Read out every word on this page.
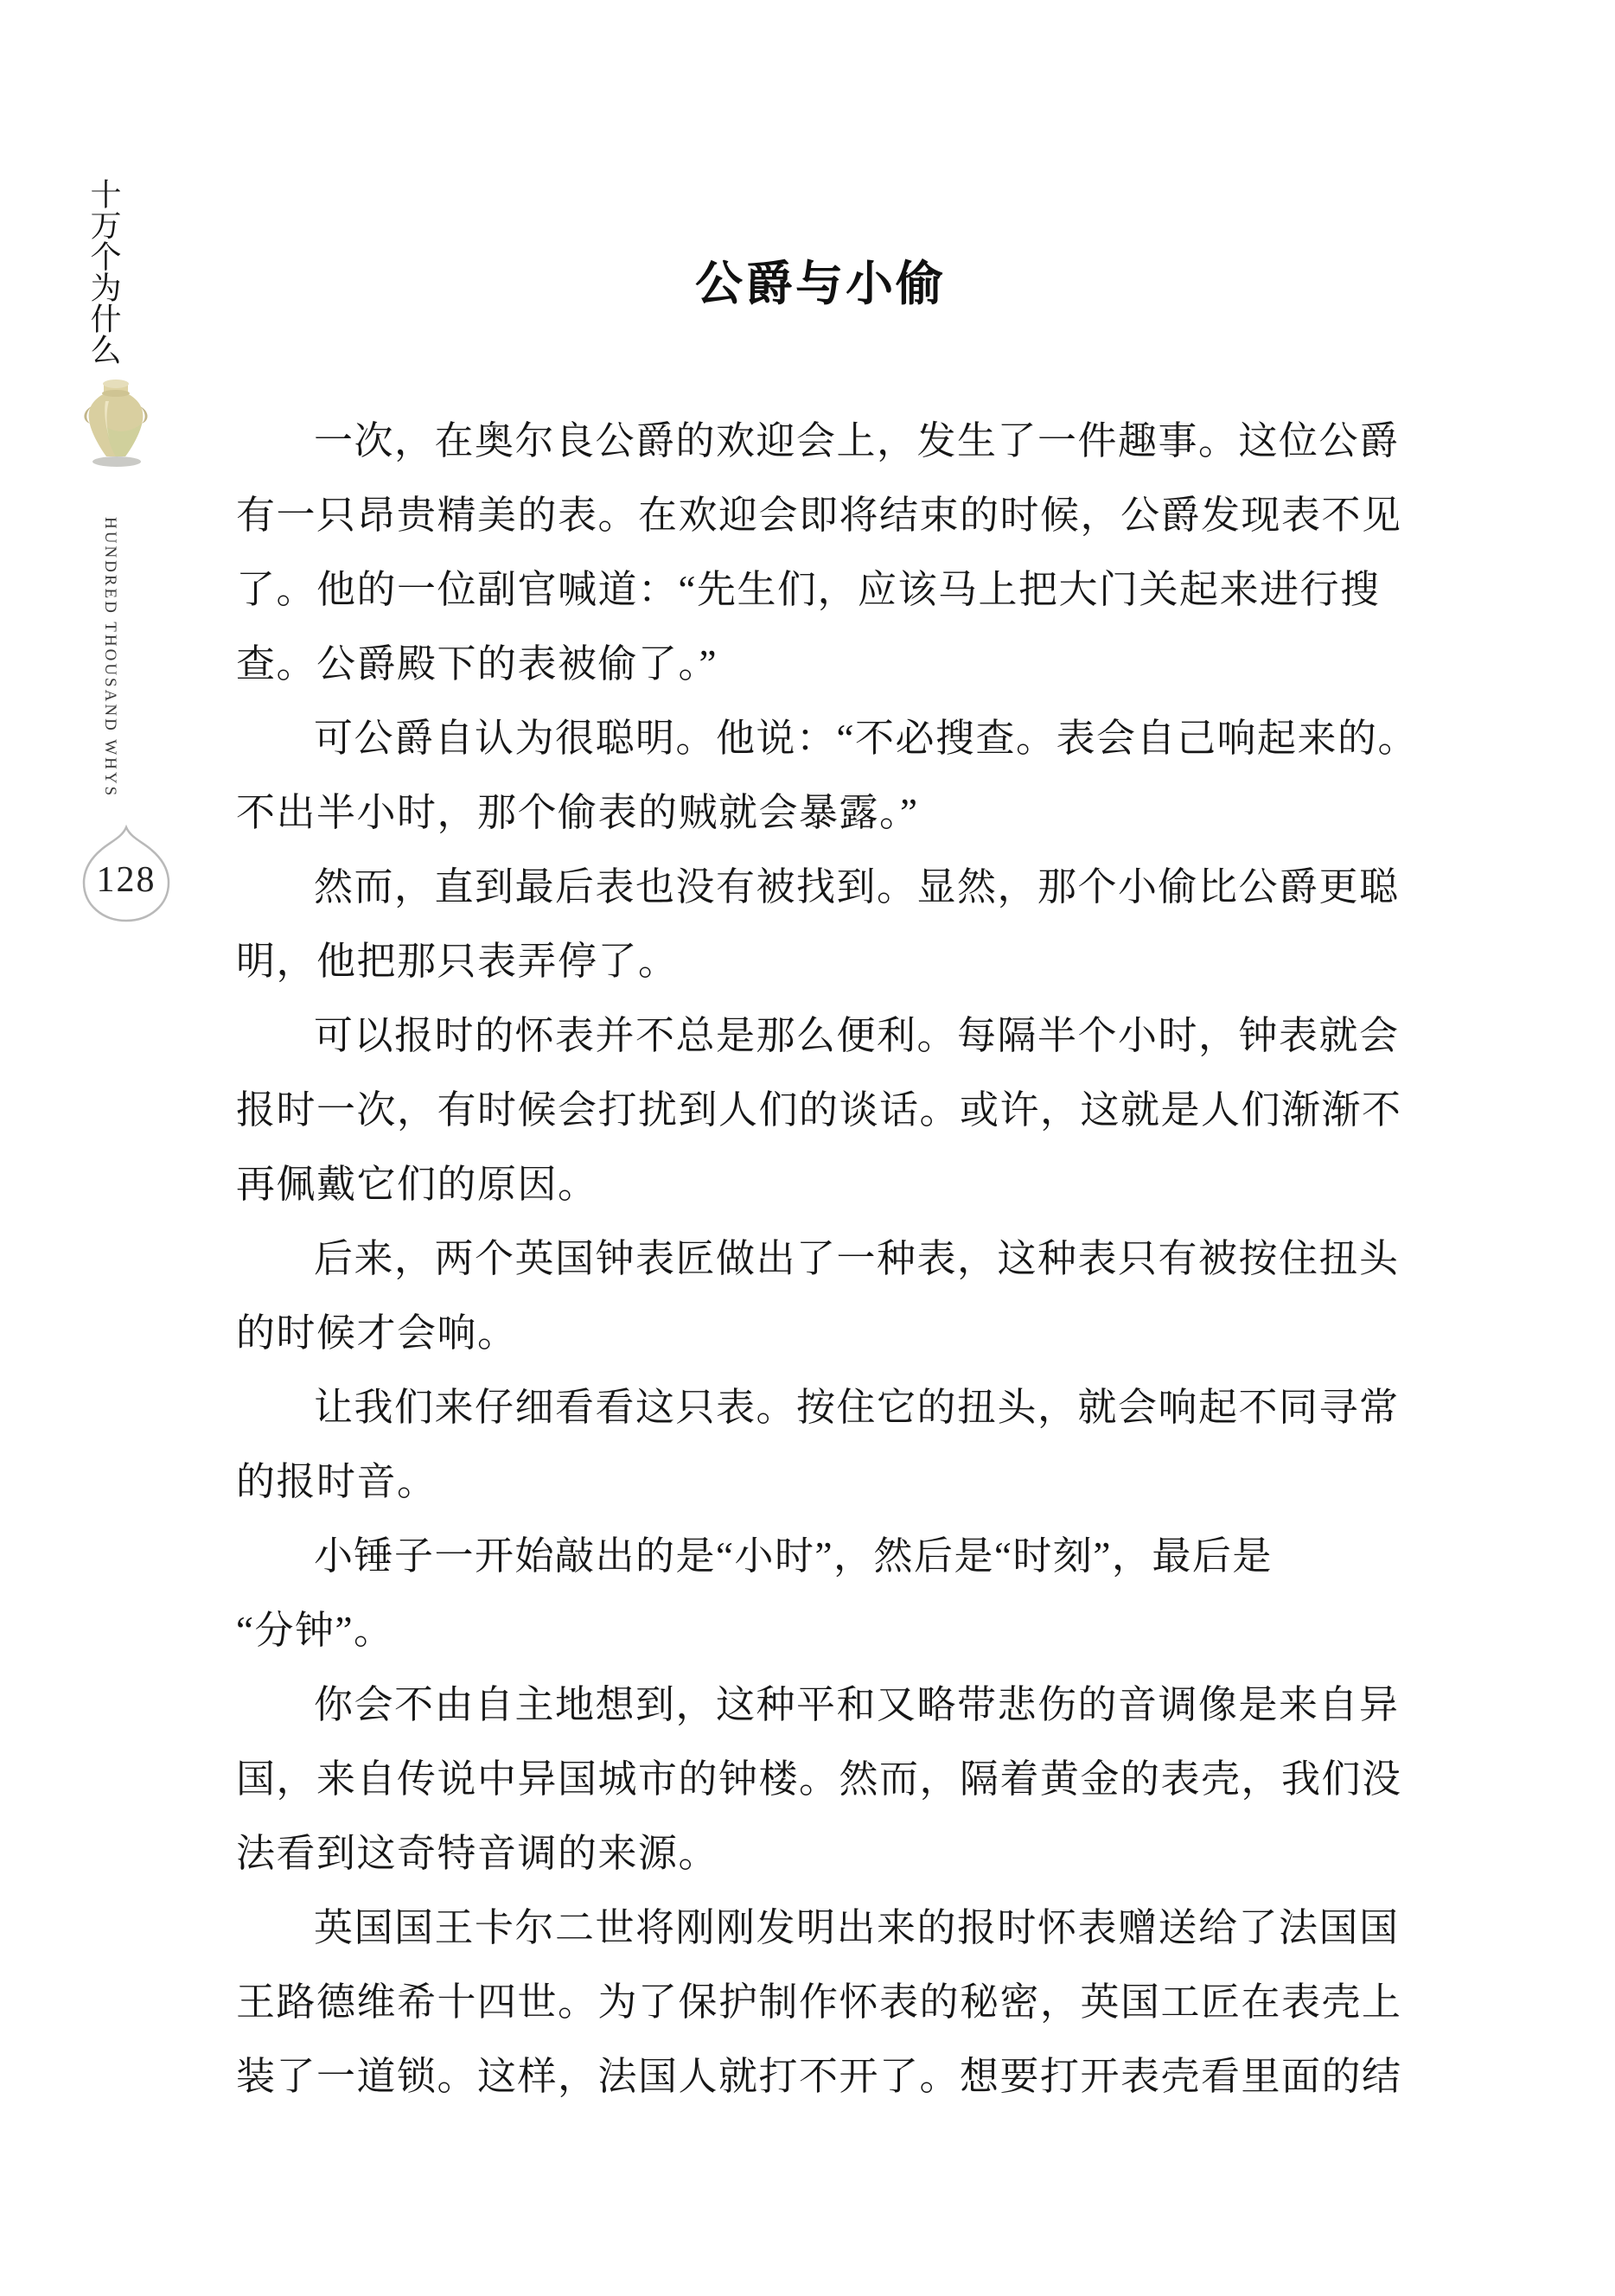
十万个为什么
HUNDRED THOUSAND WHYS
128
公爵与小偷
一次，在奥尔良公爵的欢迎会上，发生了一件趣事。这位公爵
有一只昂贵精美的表。在欢迎会即将结束的时候，公爵发现表不见
了。他的一位副官喊道：“先生们，应该马上把大门关起来进行搜
查。公爵殿下的表被偷了。”
可公爵自认为很聪明。他说：“不必搜查。表会自己响起来的。
不出半小时，那个偷表的贼就会暴露。”
然而，直到最后表也没有被找到。显然，那个小偷比公爵更聪
明，他把那只表弄停了。
可以报时的怀表并不总是那么便利。每隔半个小时，钟表就会
报时一次，有时候会打扰到人们的谈话。或许，这就是人们渐渐不
再佩戴它们的原因。
后来，两个英国钟表匠做出了一种表，这种表只有被按住扭头
的时候才会响。
让我们来仔细看看这只表。按住它的扭头，就会响起不同寻常
的报时音。
小锤子一开始敲出的是“小时”，然后是“时刻”，最后是
“分钟”。
你会不由自主地想到，这种平和又略带悲伤的音调像是来自异
国，来自传说中异国城市的钟楼。然而，隔着黄金的表壳，我们没
法看到这奇特音调的来源。
英国国王卡尔二世将刚刚发明出来的报时怀表赠送给了法国国
王路德维希十四世。为了保护制作怀表的秘密，英国工匠在表壳上
装了一道锁。这样，法国人就打不开了。想要打开表壳看里面的结
